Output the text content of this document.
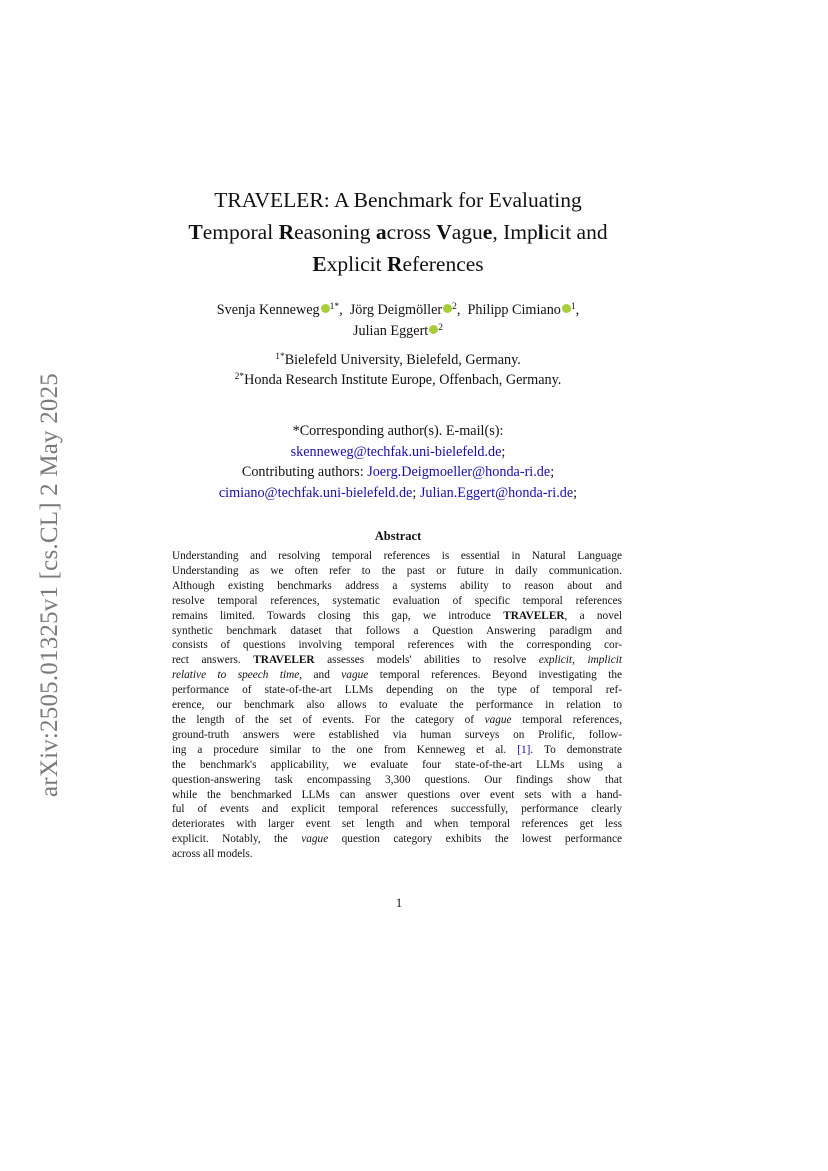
arXiv:2505.01325v1 [cs.CL] 2 May 2025
TRAVELER: A Benchmark for Evaluating
Temporal Reasoning across Vague, Implicit and
Explicit References
Svenja Kenneweg $^{1*}$, Jörg Deigmöller $^2$, Philipp Cimiano $^1$,
Julian Eggert $^2$
$^{1*}$Bielefeld University, Bielefeld, Germany.
$^{2*}$Honda Research Institute Europe, Offenbach, Germany.
*Corresponding author(s). E-mail(s):
skenneweg@techfak.uni-bielefeld.de;
Contributing authors: Joerg.Deigmoeller@honda-ri.de;
cimiano@techfak.uni-bielefeld.de; Julian.Eggert@honda-ri.de;
Abstract
Understanding and resolving temporal references is essential in Natural Language
Understanding as we often refer to the past or future in daily communication.
Although existing benchmarks address a systems ability to reason about and
resolve temporal references, systematic evaluation of specific temporal references
remains limited. Towards closing this gap, we introduce TRAVELER, a novel
synthetic benchmark dataset that follows a Question Answering paradigm and
consists of questions involving temporal references with the corresponding cor-
rect answers. TRAVELER assesses models' abilities to resolve explicit, implicit
relative to speech time, and vague temporal references. Beyond investigating the
performance of state-of-the-art LLMs depending on the type of temporal ref-
erence, our benchmark also allows to evaluate the performance in relation to
the length of the set of events. For the category of vague temporal references,
ground-truth answers were established via human surveys on Prolific, follow-
ing a procedure similar to the one from Kenneweg et al. [1]. To demonstrate
the benchmark's applicability, we evaluate four state-of-the-art LLMs using a
question-answering task encompassing 3,300 questions. Our findings show that
while the benchmarked LLMs can answer questions over event sets with a hand-
ful of events and explicit temporal references successfully, performance clearly
deteriorates with larger event set length and when temporal references get less
explicit. Notably, the vague question category exhibits the lowest performance
across all models.
1
